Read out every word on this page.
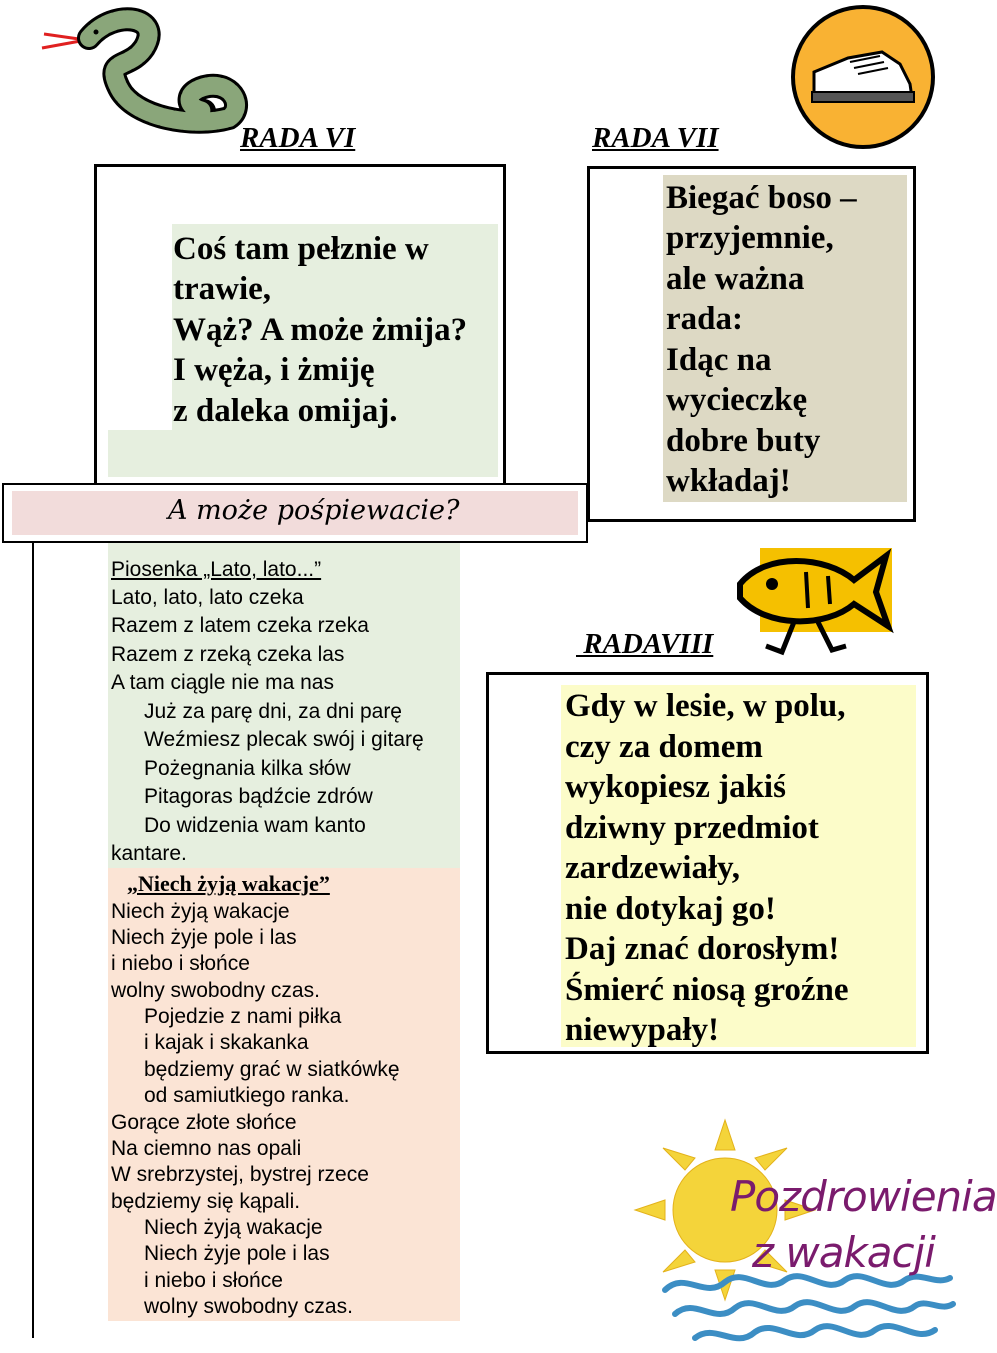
RADA VI
Coś tam pełznie w
trawie,
Wąż? A może żmija?
I węża, i żmiję
z daleka omijaj.
A może pośpiewacie?
Piosenka „Lato, lato...”
Lato, lato, lato czeka
Razem z latem czeka rzeka
Razem z rzeką czeka las
A tam ciągle nie ma nas
Już za parę dni, za dni parę
Weźmiesz plecak swój i gitarę
Pożegnania kilka słów
Pitagoras bądźcie zdrów
Do widzenia wam kanto
kantare.
„Niech żyją wakacje”
Niech żyją wakacje
Niech żyje pole i las
i niebo i słońce
wolny swobodny czas.
Pojedzie z nami piłka
i kajak i skakanka
będziemy grać w siatkówkę
od samiutkiego ranka.
Gorące złote słońce
Na ciemno nas opali
W srebrzystej, bystrej rzece
będziemy się kąpali.
Niech żyją wakacje
Niech żyje pole i las
i niebo i słońce
wolny swobodny czas.
RADA VII
Biegać boso –
przyjemnie,
ale ważna
rada:
Idąc na
wycieczkę
dobre buty
wkładaj!
RADAVIII
Gdy w lesie, w polu,
czy za domem
wykopiesz jakiś
dziwny przedmiot
zardzewiały,
nie dotykaj go!
Daj znać dorosłym!
Śmierć niosą groźne
niewypały!
Pozdrowienia
z wakacji
